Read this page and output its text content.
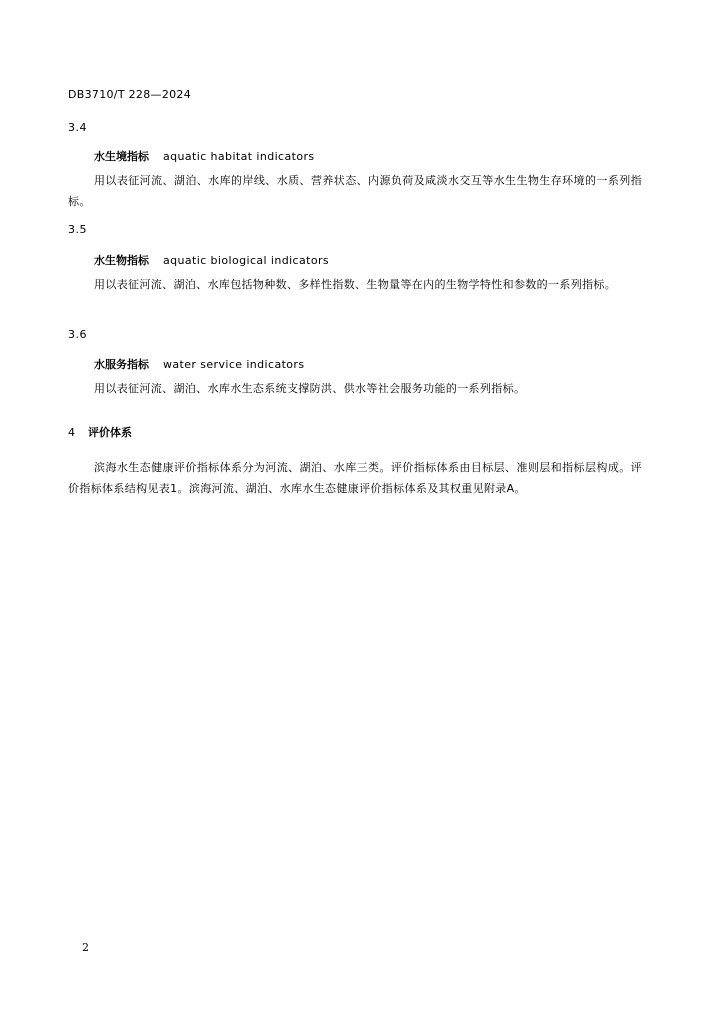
DB3710/T 228—2024
3.4
水生境指标 aquatic habitat indicators
用以表征河流、湖泊、水库的岸线、水质、营养状态、内源负荷及咸淡水交互等水生生物生存环境的一系列指标。
3.5
水生物指标 aquatic biological indicators
用以表征河流、湖泊、水库包括物种数、多样性指数、生物量等在内的生物学特性和参数的一系列指标。
3.6
水服务指标 water service indicators
用以表征河流、湖泊、水库水生态系统支撑防洪、供水等社会服务功能的一系列指标。
4 评价体系
滨海水生态健康评价指标体系分为河流、湖泊、水库三类。评价指标体系由目标层、准则层和指标层构成。评价指标体系结构见表1。滨海河流、湖泊、水库水生态健康评价指标体系及其权重见附录A。
2
